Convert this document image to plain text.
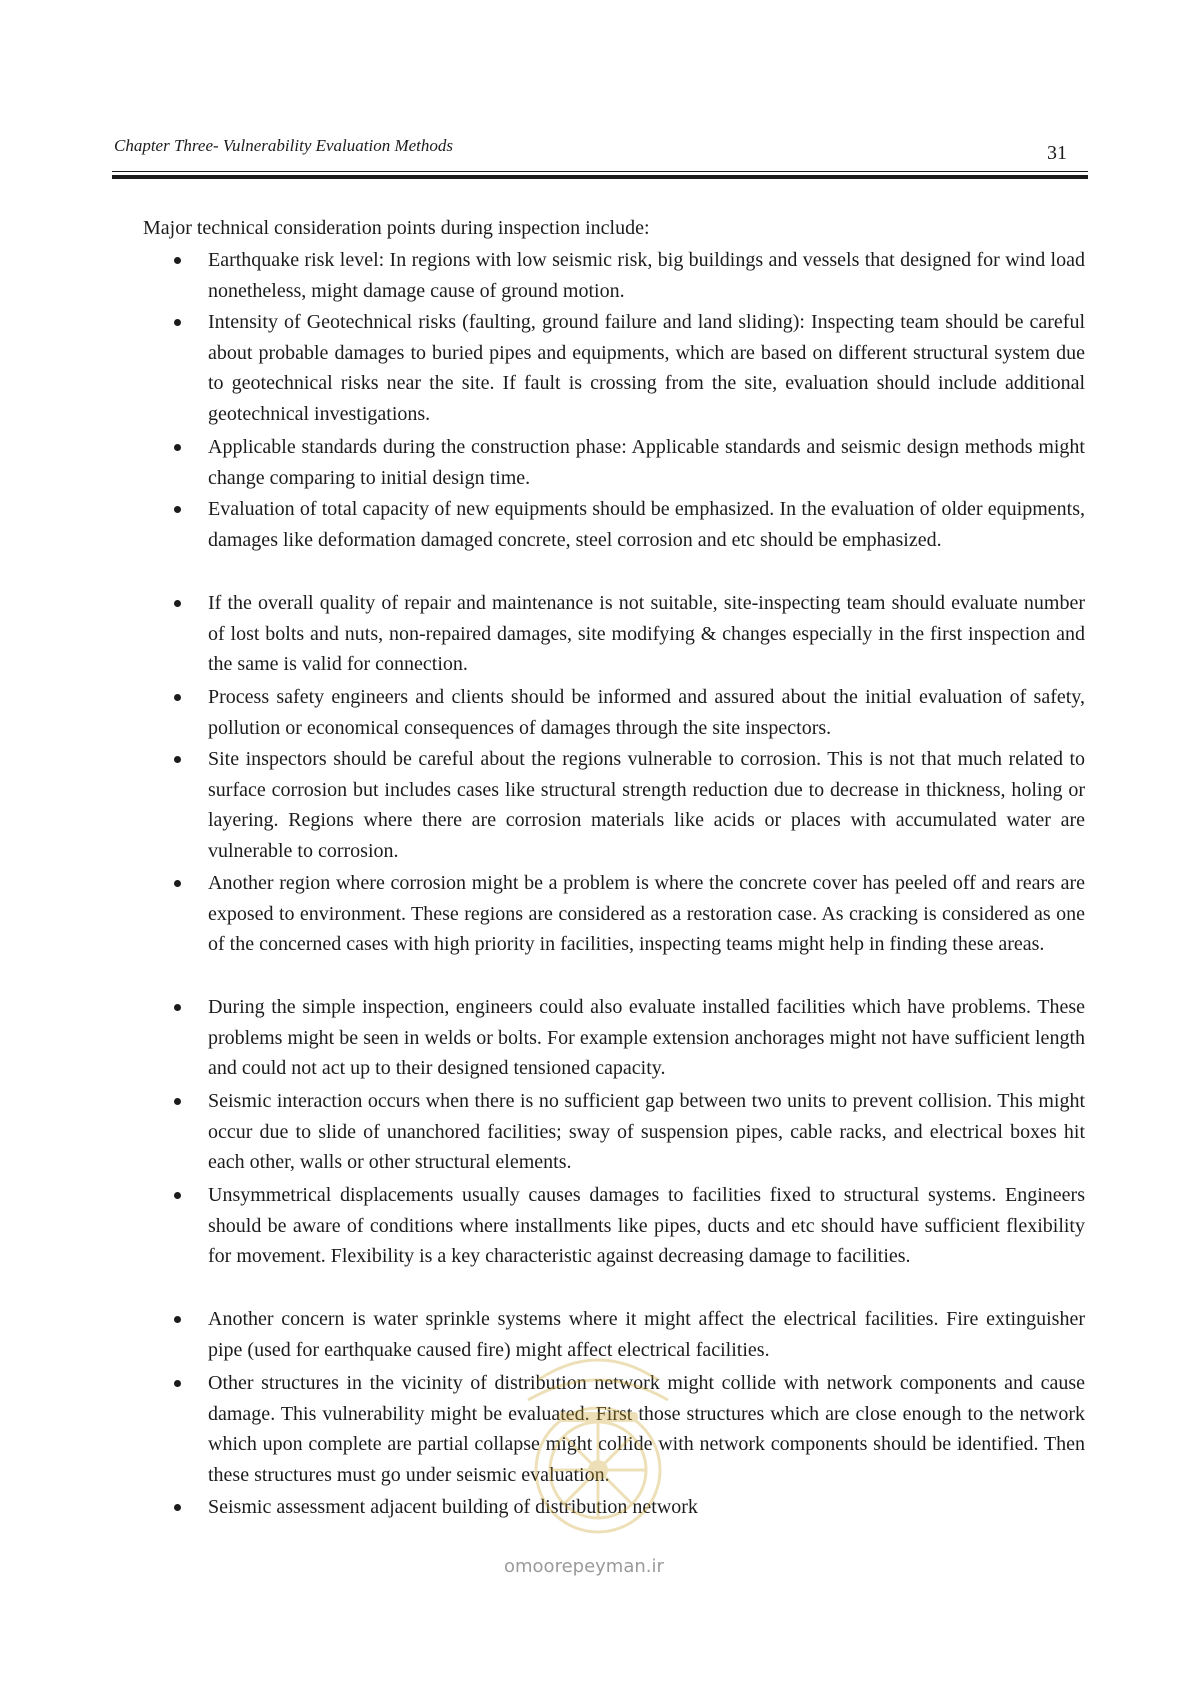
Chapter Three- Vulnerability Evaluation Methods	31
Major technical consideration points during inspection include:
Earthquake risk level: In regions with low seismic risk, big buildings and vessels that designed for wind load nonetheless, might damage cause of ground motion.
Intensity of Geotechnical risks (faulting, ground failure and land sliding): Inspecting team should be careful about probable damages to buried pipes and equipments, which are based on different structural system due to geotechnical risks near the site. If fault is crossing from the site, evaluation should include additional geotechnical investigations.
Applicable standards during the construction phase: Applicable standards and seismic design methods might change comparing to initial design time.
Evaluation of total capacity of new equipments should be emphasized. In the evaluation of older equipments, damages like deformation damaged concrete, steel corrosion and etc should be emphasized.
If the overall quality of repair and maintenance is not suitable, site-inspecting team should evaluate number of lost bolts and nuts, non-repaired damages, site modifying & changes especially in the first inspection and the same is valid for connection.
Process safety engineers and clients should be informed and assured about the initial evaluation of safety, pollution or economical consequences of damages through the site inspectors.
Site inspectors should be careful about the regions vulnerable to corrosion. This is not that much related to surface corrosion but includes cases like structural strength reduction due to decrease in thickness, holing or layering. Regions where there are corrosion materials like acids or places with accumulated water are vulnerable to corrosion.
Another region where corrosion might be a problem is where the concrete cover has peeled off and rears are exposed to environment. These regions are considered as a restoration case. As cracking is considered as one of the concerned cases with high priority in facilities, inspecting teams might help in finding these areas.
During the simple inspection, engineers could also evaluate installed facilities which have problems. These problems might be seen in welds or bolts. For example extension anchorages might not have sufficient length and could not act up to their designed tensioned capacity.
Seismic interaction occurs when there is no sufficient gap between two units to prevent collision. This might occur due to slide of unanchored facilities; sway of suspension pipes, cable racks, and electrical boxes hit each other, walls or other structural elements.
Unsymmetrical displacements usually causes damages to facilities fixed to structural systems. Engineers should be aware of conditions where installments like pipes, ducts and etc should have sufficient flexibility for movement. Flexibility is a key characteristic against decreasing damage to facilities.
Another concern is water sprinkle systems where it might affect the electrical facilities. Fire extinguisher pipe (used for earthquake caused fire) might affect electrical facilities.
Other structures in the vicinity of distribution network might collide with network components and cause damage. This vulnerability might be evaluated. First those structures which are close enough to the network which upon complete are partial collapse might collide with network components should be identified. Then these structures must go under seismic evaluation.
Seismic assessment adjacent building of distribution network
omoorepeyman.ir
